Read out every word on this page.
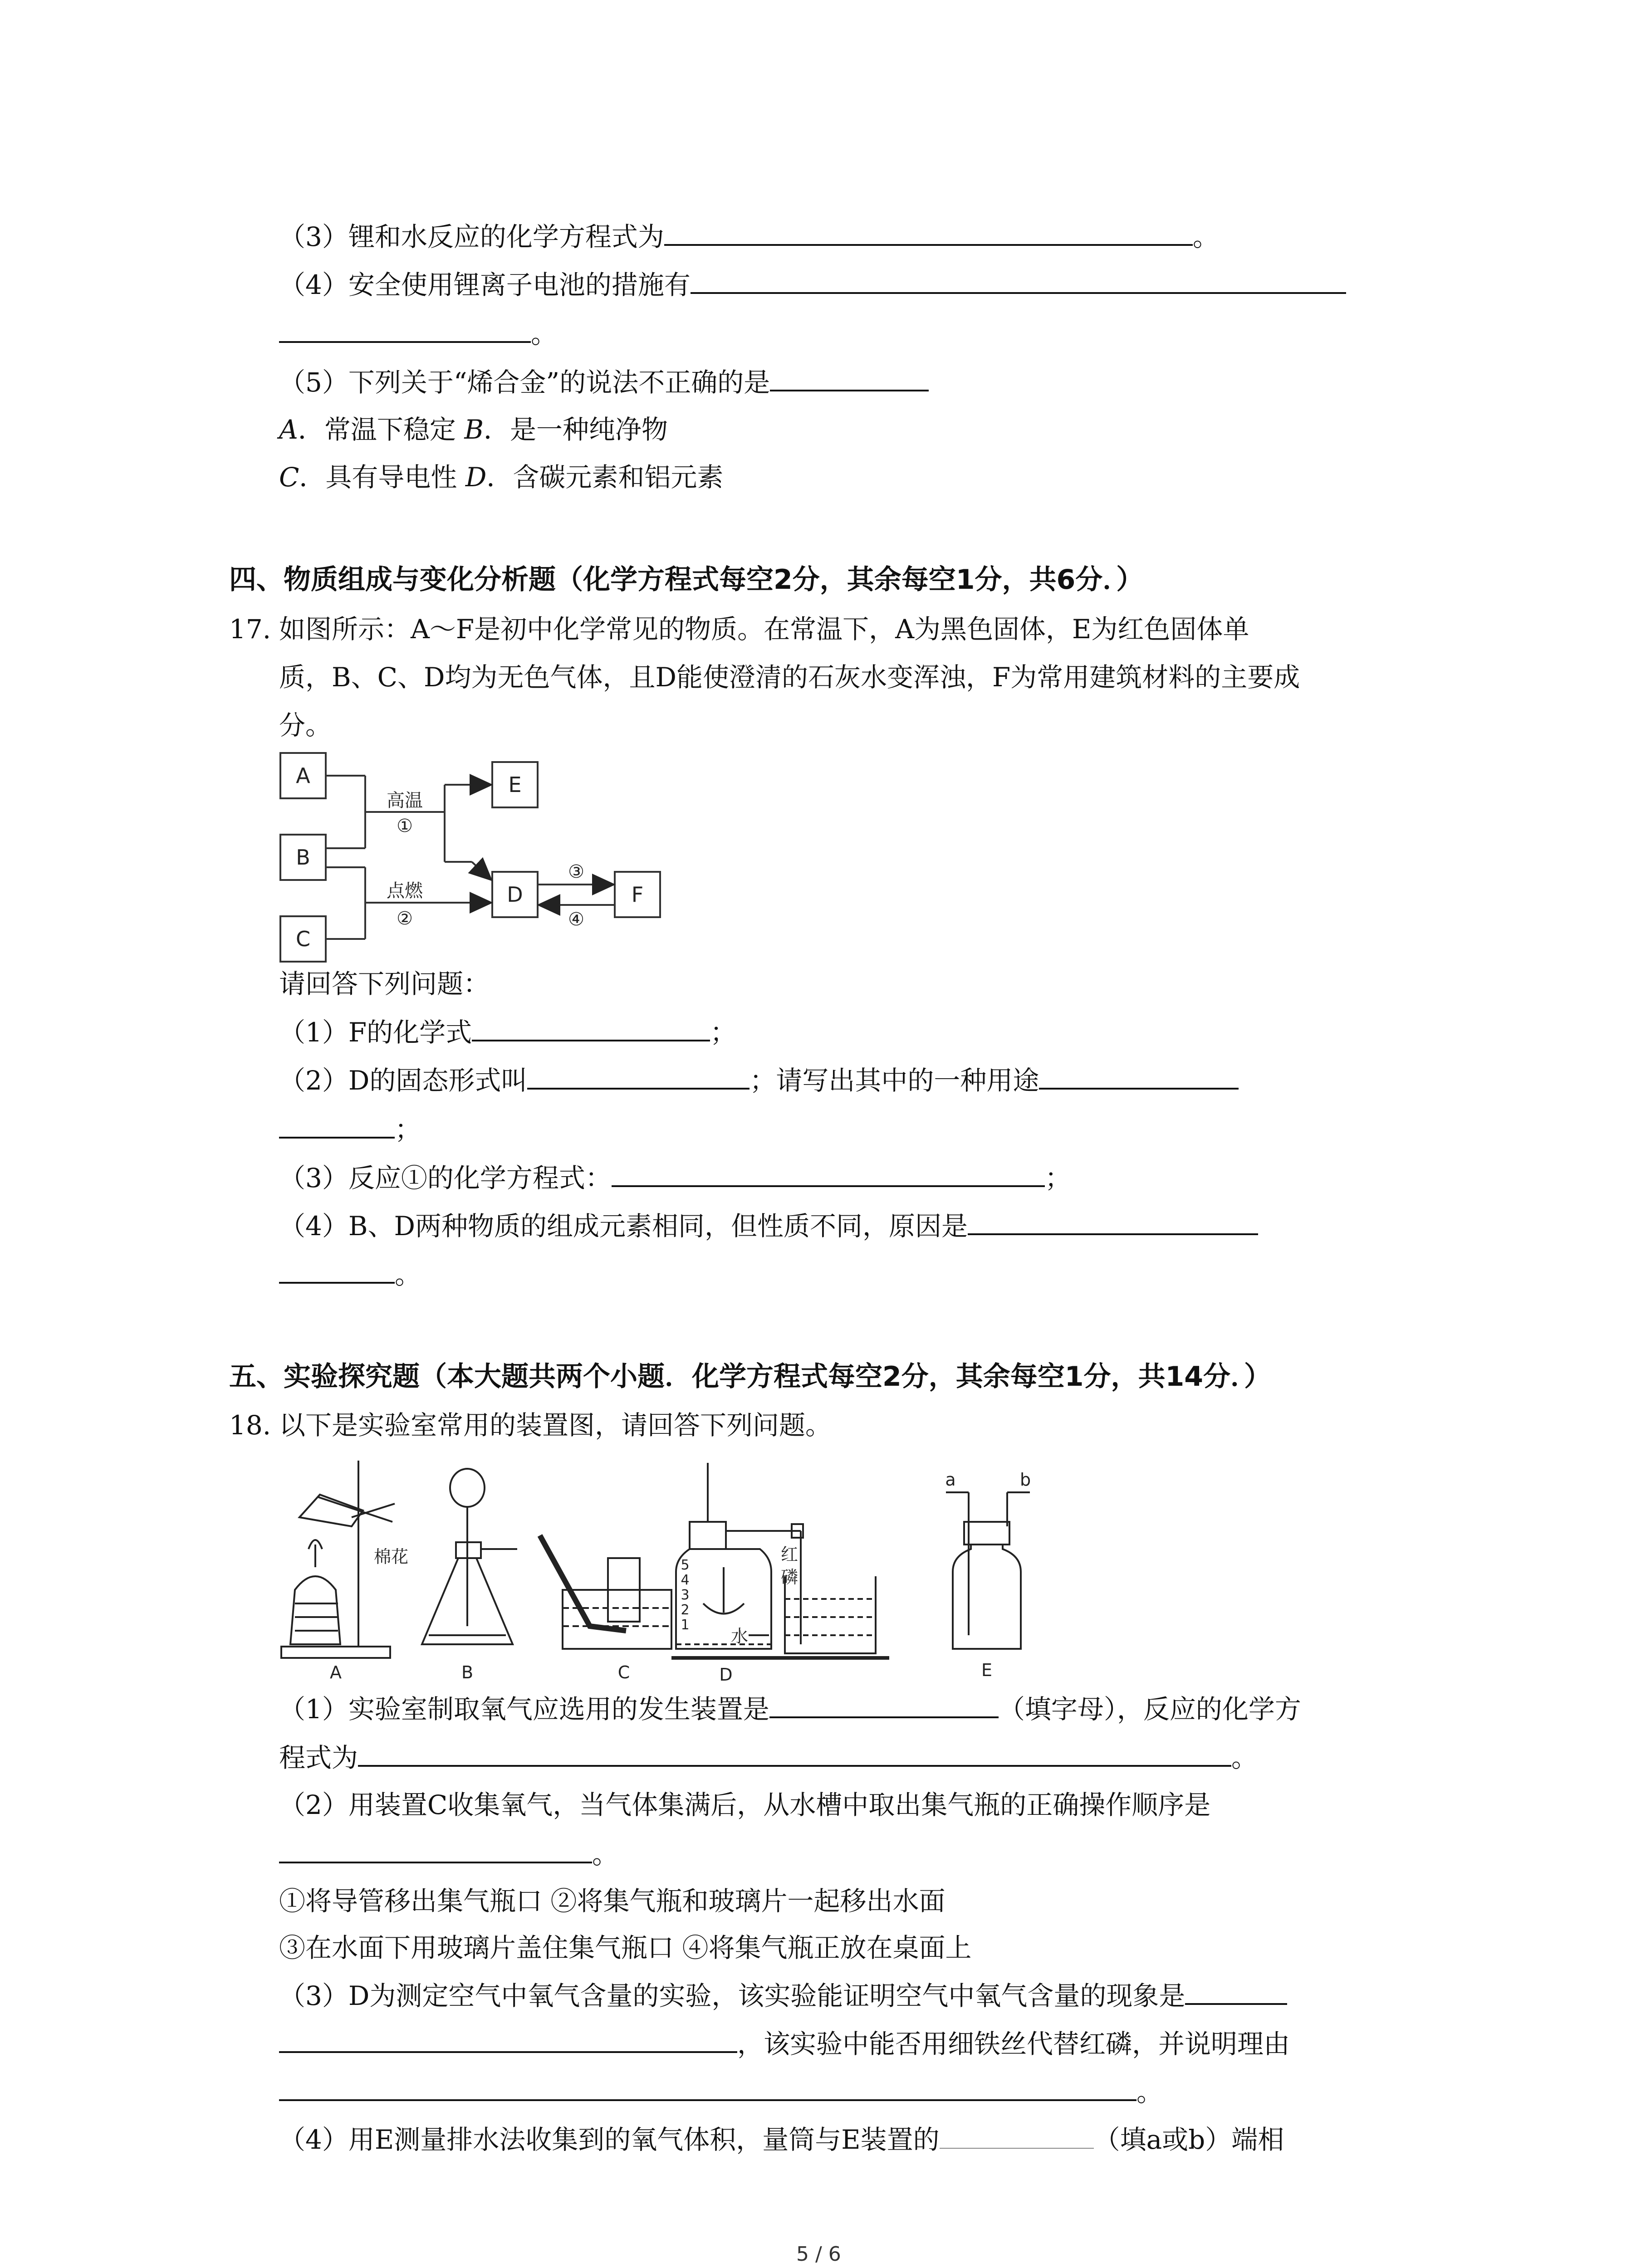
（3）锂和水反应的化学方程式为	。
（4）安全使用锂离子电池的措施有
。
（5）下列关于“烯合金”的说法不正确的是
A．常温下稳定 B．是一种纯净物
C．具有导电性 D．含碳元素和铝元素
四、物质组成与变化分析题（化学方程式每空2分，其余每空1分，共6分．）
17. 如图所示：A～F是初中化学常见的物质。在常温下，A为黑色固体，E为红色固体单
质，B、C、D均为无色气体，且D能使澄清的石灰水变浑浊，F为常用建筑材料的主要成
分。
A
B
C
E
D	F
高温
①
点燃
②
③
④
请回答下列问题：
（1）F的化学式	；
（2）D的固态形式叫	；请写出其中的一种用途
；
（3）反应①的化学方程式：	；
（4）B、D两种物质的组成元素相同，但性质不同，原因是
。
五、实验探究题（本大题共两个小题．化学方程式每空2分，其余每空1分，共14分．）
18. 以下是实验室常用的装置图，请回答下列问题。
A	B	C	D	E
棉花	红
磷
水
a	b
5
4
3
2
1
（1）实验室制取氧气应选用的发生装置是	（填字母），反应的化学方
程式为	。
（2）用装置C收集氧气，当气体集满后，从水槽中取出集气瓶的正确操作顺序是
。
①将导管移出集气瓶口 ②将集气瓶和玻璃片一起移出水面
③在水面下用玻璃片盖住集气瓶口 ④将集气瓶正放在桌面上
（3）D为测定空气中氧气含量的实验，该实验能证明空气中氧气含量的现象是
，该实验中能否用细铁丝代替红磷，并说明理由
。
（4）用E测量排水法收集到的氧气体积，量筒与E装置的	（填a或b）端相
5 / 6
